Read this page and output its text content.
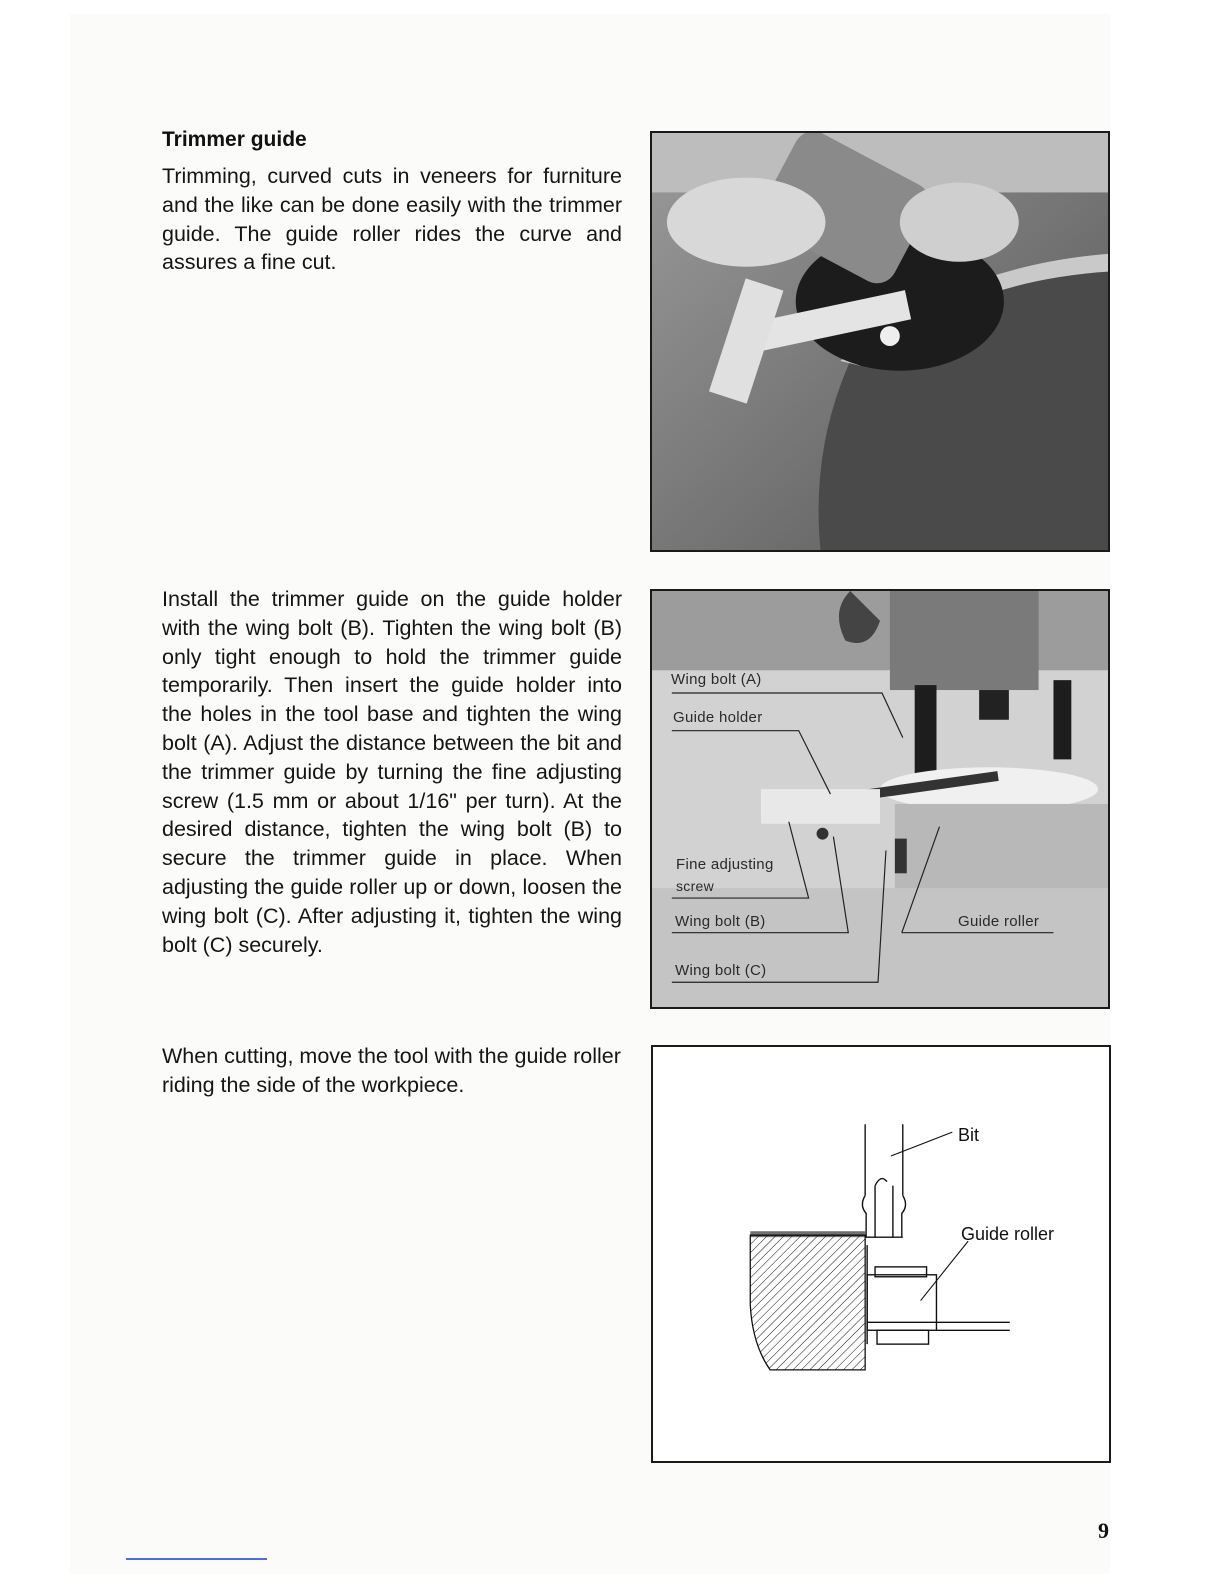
Trimmer guide
Trimming, curved cuts in veneers for furniture and the like can be done easily with the trimmer guide. The guide roller rides the curve and assures a fine cut.
Install the trimmer guide on the guide holder with the wing bolt (B). Tighten the wing bolt (B) only tight enough to hold the trimmer guide temporarily. Then insert the guide holder into the holes in the tool base and tighten the wing bolt (A). Adjust the distance between the bit and the trimmer guide by turning the fine adjusting screw (1.5 mm or about 1/16" per turn). At the desired distance, tighten the wing bolt (B) to secure the trimmer guide in place. When adjusting the guide roller up or down, loosen the wing bolt (C). After adjusting it, tighten the wing bolt (C) securely.
Wing bolt (A)
Guide holder
Fine adjusting
screw
Wing bolt (B)	Guide roller
Wing bolt (C)
When cutting, move the tool with the guide roller riding the side of the workpiece.
Bit
Guide roller
9
